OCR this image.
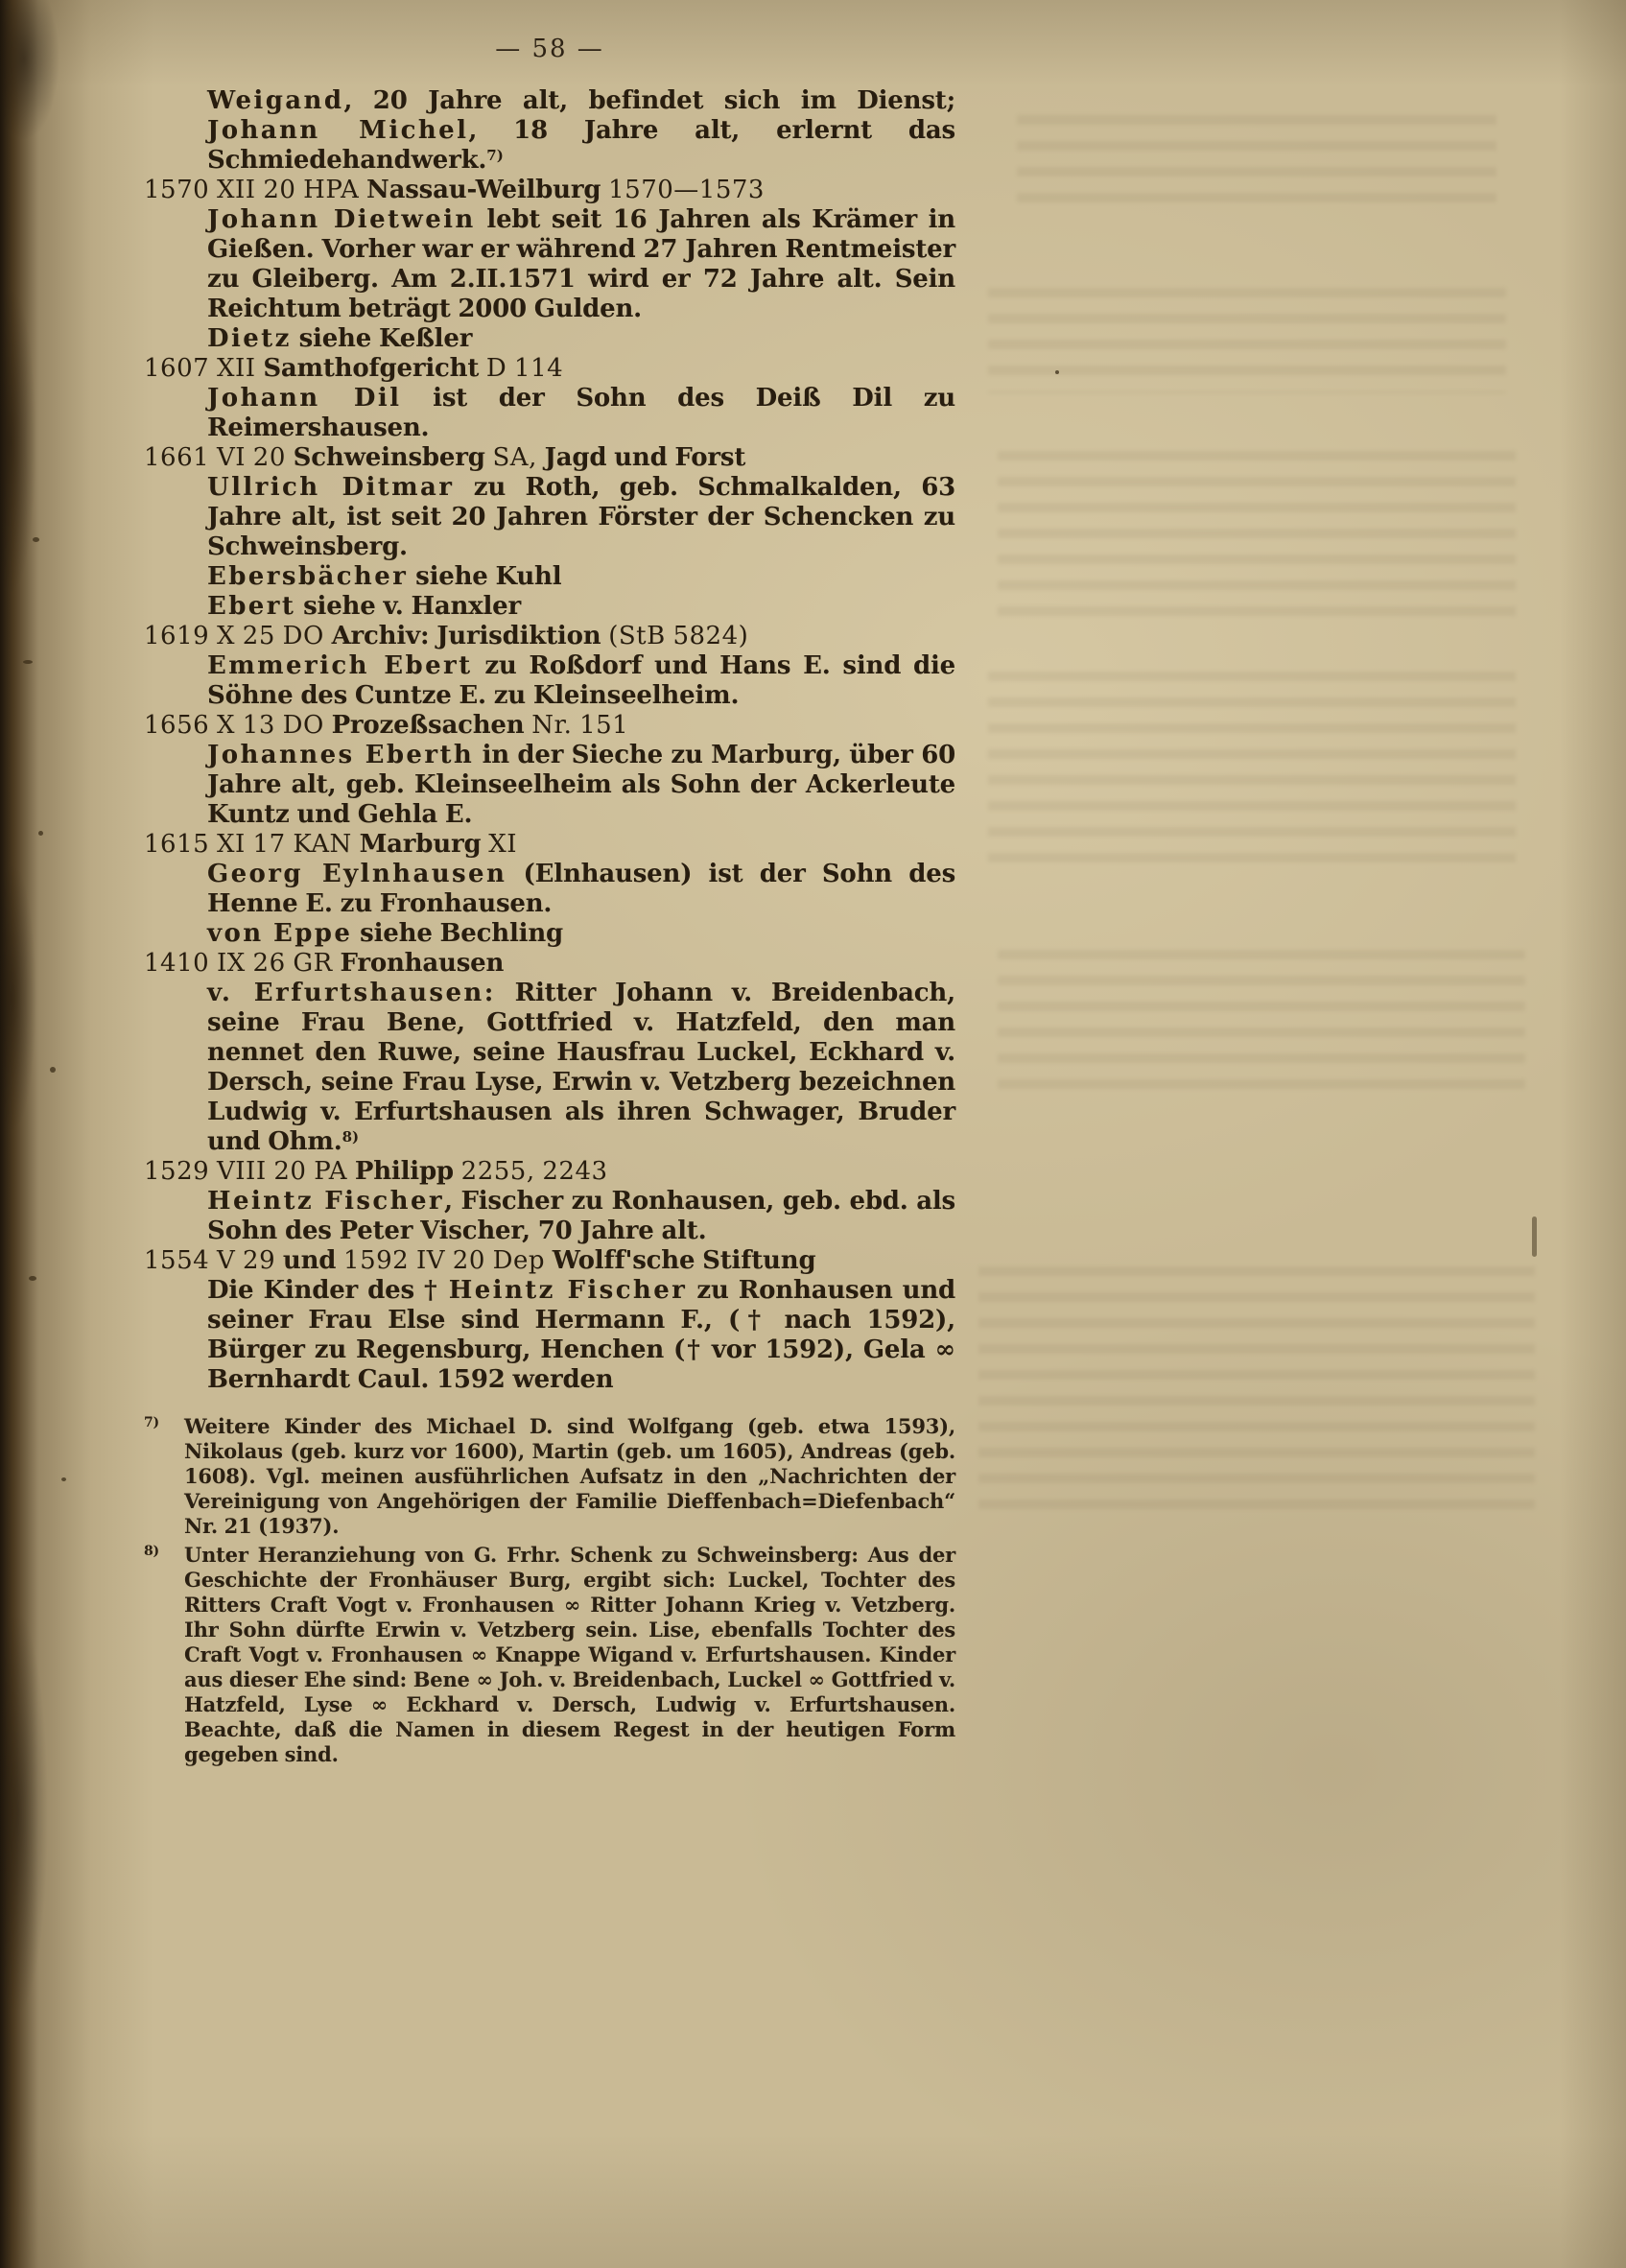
— 58 —

Weigand, 20 Jahre alt, befindet sich im Dienst; Johann Michel, 18 Jahre alt, erlernt das Schmiedehandwerk.$^{7)}$

1570 XII 20 HPA Nassau-Weilburg 1570—1573

Johann Dietwein lebt seit 16 Jahren als Krämer in Gießen. Vorher war er während 27 Jahren Rentmeister zu Gleiberg. Am 2.II.1571 wird er 72 Jahre alt. Sein Reichtum beträgt 2000 Gulden.

Dietz siehe Keßler

1607 XII Samthofgericht D 114

Johann Dil ist der Sohn des Deiß Dil zu Reimershausen.

1661 VI 20 Schweinsberg SA, Jagd und Forst

Ullrich Ditmar zu Roth, geb. Schmalkalden, 63 Jahre alt, ist seit 20 Jahren Förster der Schencken zu Schweinsberg.

Ebersbächer siehe Kuhl

Ebert siehe v. Hanxler

1619 X 25 DO Archiv: Jurisdiktion (StB 5824)

Emmerich Ebert zu Roßdorf und Hans E. sind die Söhne des Cuntze E. zu Kleinseelheim.

1656 X 13 DO Prozeßsachen Nr. 151

Johannes Eberth in der Sieche zu Marburg, über 60 Jahre alt, geb. Kleinseelheim als Sohn der Ackerleute Kuntz und Gehla E.

1615 XI 17 KAN Marburg XI

Georg Eylnhausen (Elnhausen) ist der Sohn des Henne E. zu Fronhausen.

von Eppe siehe Bechling

1410 IX 26 GR Fronhausen

v. Erfurtshausen: Ritter Johann v. Breidenbach, seine Frau Bene, Gottfried v. Hatzfeld, den man nennet den Ruwe, seine Hausfrau Luckel, Eckhard v. Dersch, seine Frau Lyse, Erwin v. Vetzberg bezeichnen Ludwig v. Erfurtshausen als ihren Schwager, Bruder und Ohm.$^{8)}$

1529 VIII 20 PA Philipp 2255, 2243

Heintz Fischer, Fischer zu Ronhausen, geb. ebd. als Sohn des Peter Vischer, 70 Jahre alt.

1554 V 29 und 1592 IV 20 Dep Wolff'sche Stiftung

Die Kinder des † Heintz Fischer zu Ronhausen und seiner Frau Else sind Hermann F., († nach 1592), Bürger zu Regensburg, Henchen († vor 1592), Gela ∞ Bernhardt Caul. 1592 werden

7) Weitere Kinder des Michael D. sind Wolfgang (geb. etwa 1593), Nikolaus (geb. kurz vor 1600), Martin (geb. um 1605), Andreas (geb. 1608). Vgl. meinen ausführlichen Aufsatz in den „Nachrichten der Vereinigung von Angehörigen der Familie Dieffenbach=Diefenbach“ Nr. 21 (1937).

8) Unter Heranziehung von G. Frhr. Schenk zu Schweinsberg: Aus der Geschichte der Fronhäuser Burg, ergibt sich: Luckel, Tochter des Ritters Craft Vogt v. Fronhausen ∞ Ritter Johann Krieg v. Vetzberg. Ihr Sohn dürfte Erwin v. Vetzberg sein. Lise, ebenfalls Tochter des Craft Vogt v. Fronhausen ∞ Knappe Wigand v. Erfurtshausen. Kinder aus dieser Ehe sind: Bene ∞ Joh. v. Breidenbach, Luckel ∞ Gottfried v. Hatzfeld, Lyse ∞ Eckhard v. Dersch, Ludwig v. Erfurtshausen. Beachte, daß die Namen in diesem Regest in der heutigen Form gegeben sind.
